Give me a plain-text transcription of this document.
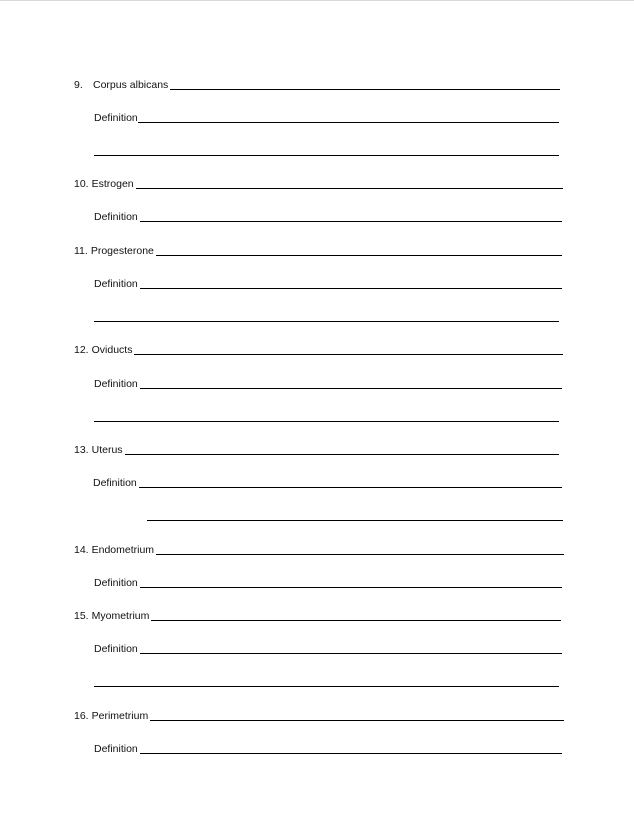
9. Corpus albicans
Definition
10. Estrogen
Definition
11. Progesterone
Definition
12. Oviducts
Definition
13. Uterus
Definition
14. Endometrium
Definition
15. Myometrium
Definition
16. Perimetrium
Definition
